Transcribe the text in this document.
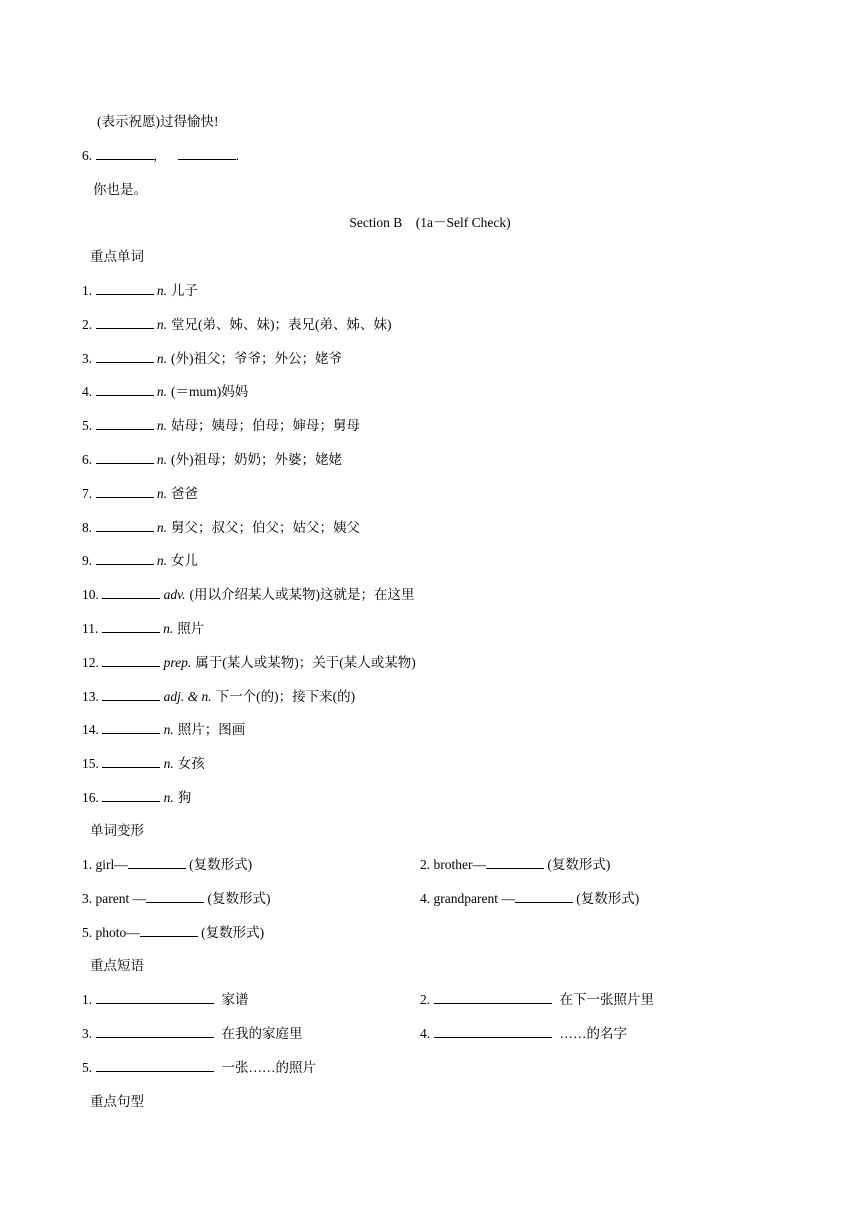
(表示祝愿)过得愉快!
6.	,	.
你也是。
Section B　(1a－Self Check)
重点单词
1.	n. 儿子
2.	n. 堂兄(弟、姊、妹)；表兄(弟、姊、妹)
3.	n. (外)祖父；爷爷；外公；姥爷
4.	n. (＝mum)妈妈
5.	n. 姑母；姨母；伯母；婶母；舅母
6.	n. (外)祖母；奶奶；外婆；姥姥
7.	n. 爸爸
8.	n. 舅父；叔父；伯父；姑父；姨父
9.	n. 女儿
10.	adv. (用以介绍某人或某物)这就是；在这里
11.	n. 照片
12.	prep. 属于(某人或某物)；关于(某人或某物)
13.	adj. & n. 下一个(的)；接下来(的)
14.	n. 照片；图画
15.	n. 女孩
16.	n. 狗
单词变形
1. girl—	(复数形式)	2. brother—	(复数形式)
3. parent —	(复数形式)	4. grandparent —	(复数形式)
5. photo—	(复数形式)
重点短语
1.	家谱	2.	在下一张照片里
3.	在我的家庭里	4.	……的名字
5.	一张……的照片
重点句型
